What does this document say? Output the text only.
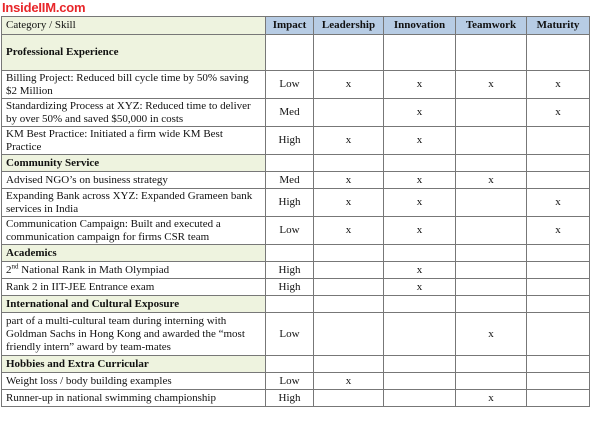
InsideIIM.com
Category / Skill	Impact	Leadership	Innovation	Teamwork	Maturity
Professional Experience					
Billing Project: Reduced bill cycle time by 50% saving $2 Million	Low	x	x	x	x
Standardizing Process at XYZ: Reduced time to deliver by over 50% and saved $50,000 in costs	Med		x		x
KM Best Practice: Initiated a firm wide KM Best Practice	High	x	x		
Community Service					
Advised NGO’s on business strategy	Med	x	x	x	
Expanding Bank across XYZ: Expanded Grameen bank services in India	High	x	x		x
Communication Campaign: Built and executed a communication campaign for firms CSR team	Low	x	x		x
Academics					
2nd National Rank in Math Olympiad	High		x		
Rank 2 in IIT-JEE Entrance exam	High		x		
International and Cultural Exposure					
part of a multi-cultural team during interning with Goldman Sachs in Hong Kong and awarded the “most friendly intern” award by team-mates	Low			x	
Hobbies and Extra Curricular					
Weight loss / body building examples	Low	x			
Runner-up in national swimming championship	High			x	
